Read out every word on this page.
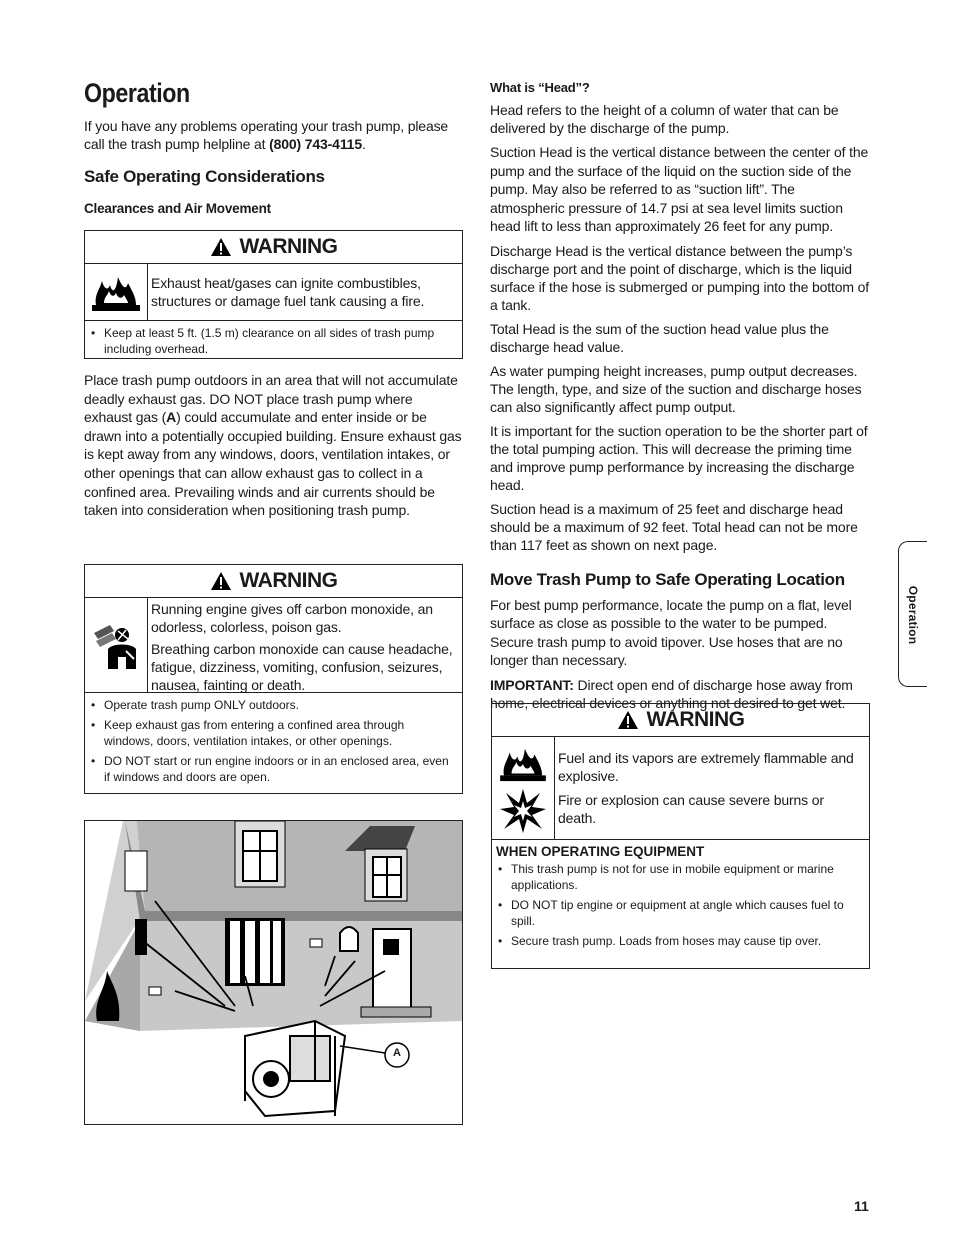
Operation

If you have any problems operating your trash pump, please call the trash pump helpline at (800) 743-4115.

Safe Operating Considerations
Clearances and Air Movement
WARNING

Exhaust heat/gases can ignite combustibles, structures or damage fuel tank causing a fire.

• Keep at least 5 ft. (1.5 m) clearance on all sides of trash pump including overhead.

Place trash pump outdoors in an area that will not accumulate deadly exhaust gas. DO NOT place trash pump where exhaust gas (A) could accumulate and enter inside or be drawn into a potentially occupied building. Ensure exhaust gas is kept away from any windows, doors, ventilation intakes, or other openings that can allow exhaust gas to collect in a confined area. Prevailing winds and air currents should be taken into consideration when positioning trash pump.

WARNING

Running engine gives off carbon monoxide, an odorless, colorless, poison gas.

Breathing carbon monoxide can cause headache, fatigue, dizziness, vomiting, confusion, seizures, nausea, fainting or death.

• Operate trash pump ONLY outdoors.
• Keep exhaust gas from entering a confined area through windows, doors, ventilation intakes, or other openings.
• DO NOT start or run engine indoors or in an enclosed area, even if windows and doors are open.
A
What is “Head”?

Head refers to the height of a column of water that can be delivered by the discharge of the pump.

Suction Head is the vertical distance between the center of the pump and the surface of the liquid on the suction side of the pump. May also be referred to as “suction lift”. The atmospheric pressure of 14.7 psi at sea level limits suction head lift to less than approximately 26 feet for any pump.

Discharge Head is the vertical distance between the pump’s discharge port and the point of discharge, which is the liquid surface if the hose is submerged or pumping into the bottom of a tank.

Total Head is the sum of the suction head value plus the discharge head value.

As water pumping height increases, pump output decreases. The length, type, and size of the suction and discharge hoses can also significantly affect pump output.

It is important for the suction operation to be the shorter part of the total pumping action. This will decrease the priming time and improve pump performance by increasing the discharge head.

Suction head is a maximum of 25 feet and discharge head should be a maximum of 92 feet. Total head can not be more than 117 feet as shown on next page.

Move Trash Pump to Safe Operating Location

For best pump performance, locate the pump on a flat, level surface as close as possible to the water to be pumped. Secure trash pump to avoid tipover. Use hoses that are no longer than necessary.

IMPORTANT: Direct open end of discharge hose away from home, electrical devices or anything not desired to get wet.

WARNING

Fuel and its vapors are extremely flammable and explosive.

Fire or explosion can cause severe burns or death.

WHEN OPERATING EQUIPMENT
• This trash pump is not for use in mobile equipment or marine applications.
• DO NOT tip engine or equipment at angle which causes fuel to spill.
• Secure trash pump. Loads from hoses may cause tip over.
Operation
11
